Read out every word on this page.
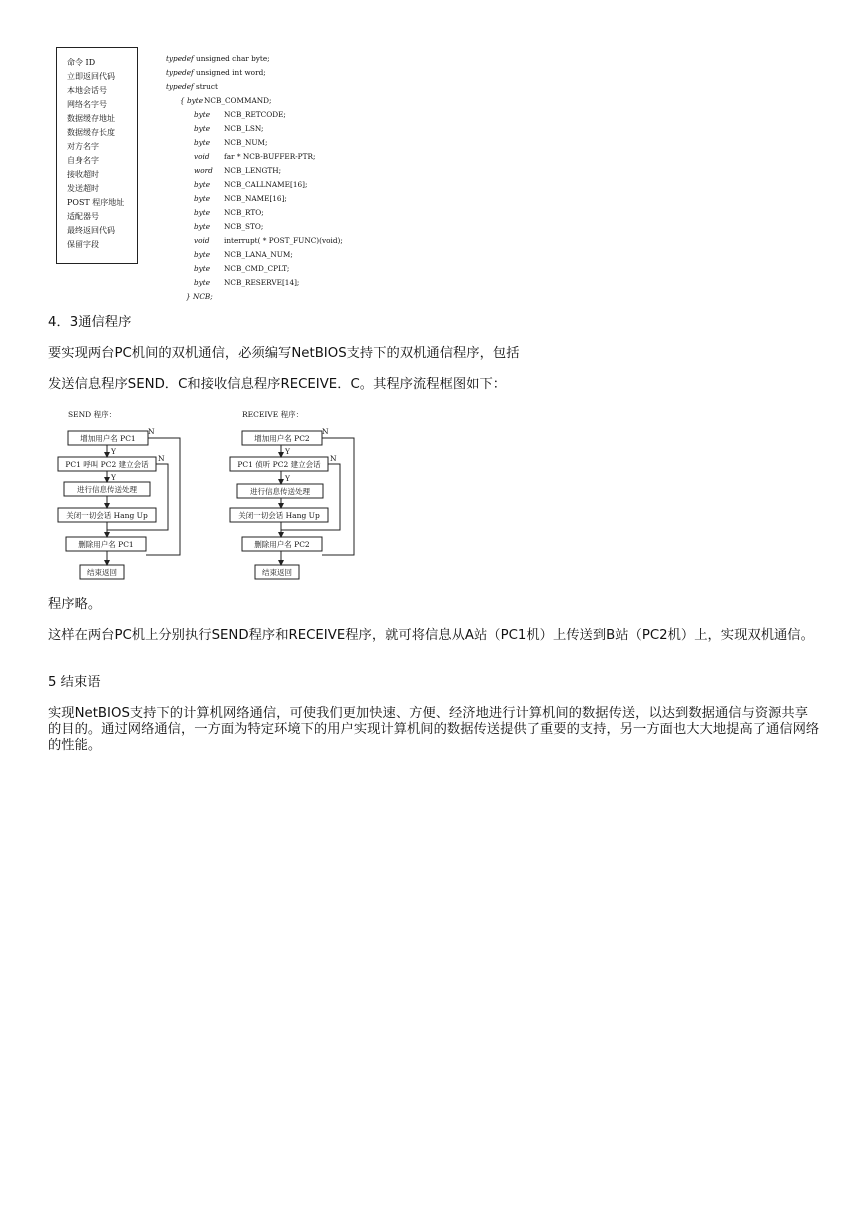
命令 ID
立即返回代码
本地会话号
网络名字号
数据缓存地址
数据缓存长度
对方名字
自身名字
接收超时
发送超时
POST 程序地址
适配器号
最终返回代码
保留字段
typedef unsigned char byte;
typedef unsigned int word;
typedef struct
{ byteNCB_COMMAND;
byte NCB_RETCODE;
byte NCB_LSN;
byte NCB_NUM;
void far * NCB-BUFFER-PTR;
word NCB_LENGTH;
byte NCB_CALLNAME[16];
byte NCB_NAME[16];
byte NCB_RTO;
byte NCB_STO;
void interrupt( * POST_FUNC)(void);
byte NCB_LANA_NUM;
byte NCB_CMD_CPLT;
byte NCB_RESERVE[14];
} NCB;
4．3通信程序
要实现两台PC机间的双机通信，必须编写NetBIOS支持下的双机通信程序，包括
发送信息程序SEND．C和接收信息程序RECEIVE．C。其程序流程框图如下：
SEND 程序：
增加用户名 PC1
PC1 呼叫 PC2 建立会话
进行信息传送处理
关闭一切会话 Hang Up
删除用户名 PC1
结束返回
Y
Y
N
N
RECEIVE 程序：
增加用户名 PC2
PC1 侦听 PC2 建立会话
进行信息传送处理
关闭一切会话 Hang Up
删除用户名 PC2
结束返回
Y
Y
N
N
程序略。
这样在两台PC机上分别执行SEND程序和RECEIVE程序，就可将信息从A站（PC1机）上传送到B站（PC2机）上，实现双机通信。
5 结束语
实现NetBIOS支持下的计算机网络通信，可使我们更加快速、方便、经济地进行计算机间的数据传送，以达到数据通信与资源共享的目的。通过网络通信，一方面为特定环境下的用户实现计算机间的数据传送提供了重要的支持，另一方面也大大地提高了通信网络的性能。
